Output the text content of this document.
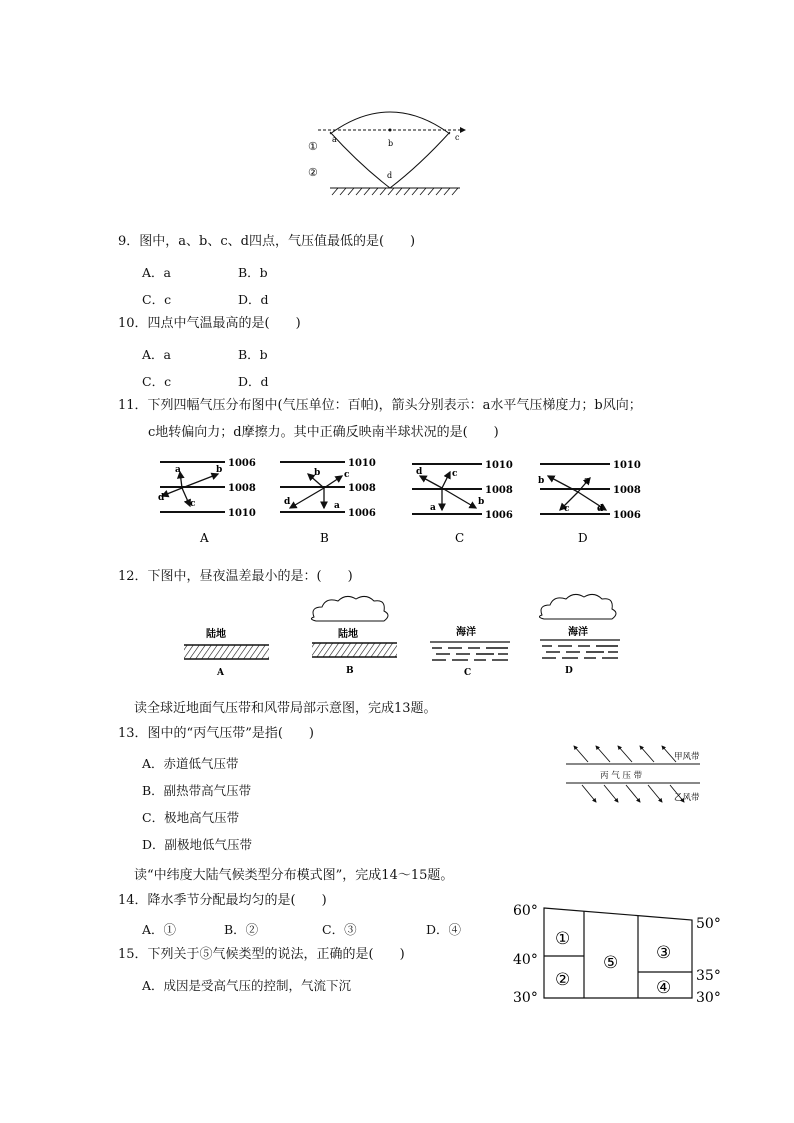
①
②
a	b
c
d
9．图中，a、b、c、d四点，气压值最低的是(　　)
A．a	B．b
C．c	D．d
10．四点中气温最高的是(　　)
A．a	B．b
C．c	D．d
11．下列四幅气压分布图中(气压单位：百帕)，箭头分别表示：a水平气压梯度力；b风向；
c地转偏向力；d摩擦力。其中正确反映南半球状况的是(　　)
1006
1008
1010
a	b
c
d
A
1010
1008
1006
a
b	c
d
B
1010
1008
1006
a
b
c
d
C
1010
1008
1006
a
b
c	d
D
12．下图中，昼夜温差最小的是：(　　)
陆地
A
陆地
B
海洋
C
海洋
D
读全球近地面气压带和风带局部示意图，完成13题。
13．图中的“丙气压带”是指(　　)
A．赤道低气压带
B．副热带高气压带
C．极地高气压带
D．副极地低气压带
甲风带
丙 气 压 带
乙风带
读“中纬度大陆气候类型分布模式图”，完成14～15题。
14．降水季节分配最均匀的是(　　)
A．①	B．②	C．③	D．④
15．下列关于⑤气候类型的说法，正确的是(　　)
A．成因是受高气压的控制，气流下沉
60°
40°
30°
50°
35°
30°
①
②
⑤ ③
④
